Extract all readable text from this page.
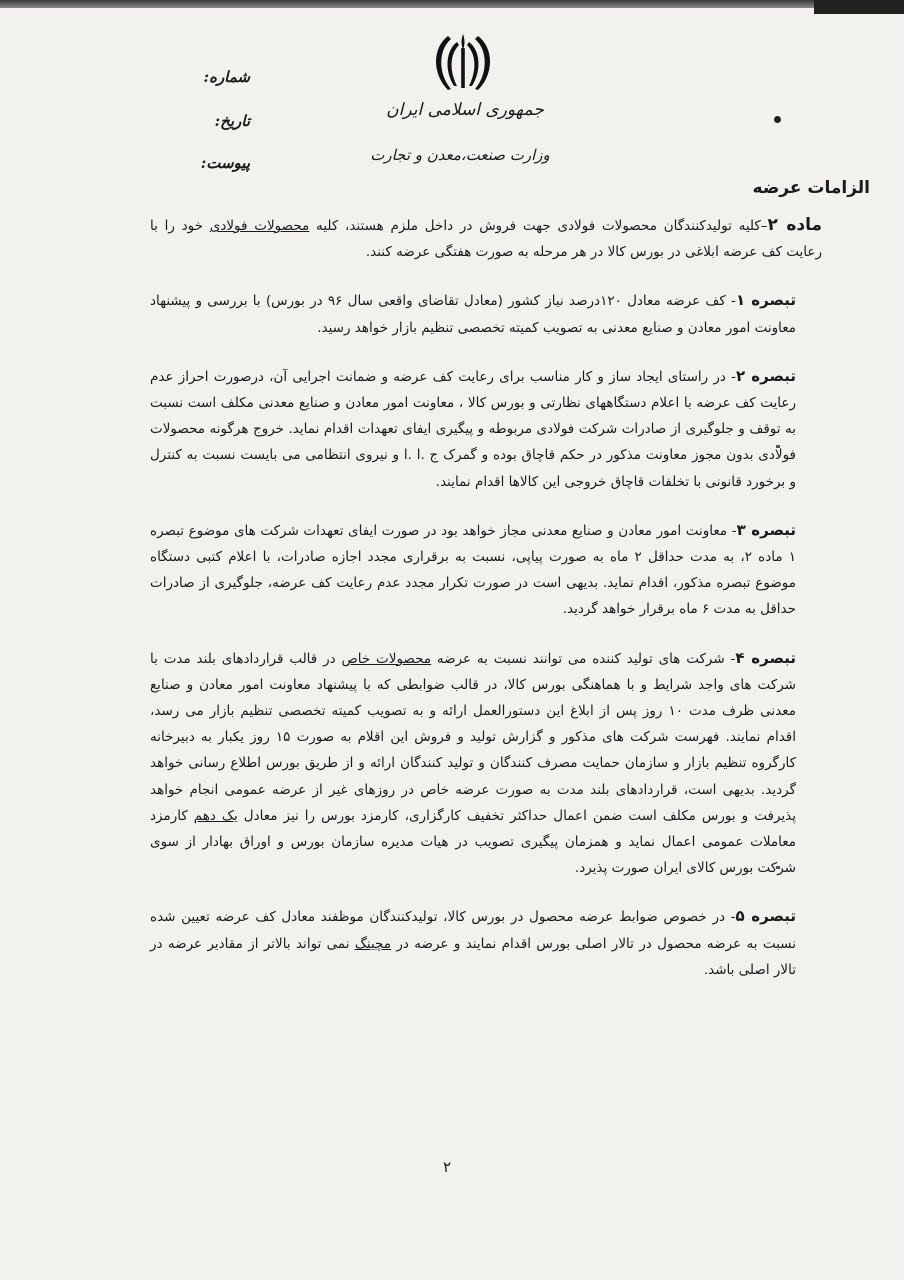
جمهوری اسلامی ایران
وزارت صنعت،معدن و تجارت
شماره:
تاریخ:
پیوست:
الزامات عرضه

ماده ۲–کلیه تولیدکنندگان محصولات فولادی جهت فروش در داخل ملزم هستند، کلیه محصولات فولادی خود را با رعایت کف عرضه ابلاغی در بورس کالا در هر مرحله به صورت هفتگی عرضه کنند.

تبصره ۱- کف عرضه معادل ۱۲۰درصد نیاز کشور (معادل تقاضای واقعی سال ۹۶ در بورس) با بررسی و پیشنهاد معاونت امور معادن و صنایع معدنی به تصویب کمیته تخصصی تنظیم بازار خواهد رسید.

تبصره ۲- در راستای ایجاد ساز و کار مناسب برای رعایت کف عرضه و ضمانت اجرایی آن، درصورت احراز عدم رعایت کف عرضه با اعلام دستگاههای نظارتی و بورس کالا ، معاونت امور معادن و صنایع معدنی مکلف است نسبت به توقف و جلوگیری از صادرات شرکت فولادی مربوطه و پیگیری ایفای تعهدات اقدام نماید. خروج هرگونه محصولات فولادی بدون مجوز معاونت مذکور در حکم قاچاق بوده و گمرک ج .ا .ا و نیروی انتظامی می بایست نسبت به کنترل و برخورد قانونی با تخلفات قاچاق خروجی این کالاها اقدام نمایند.

تبصره ۳- معاونت امور معادن و صنایع معدنی مجاز خواهد بود در صورت ایفای تعهدات شرکت های موضوع تبصره ۱ ماده ۲، به مدت حداقل ۲ ماه به صورت پیاپی، نسبت به برقراری مجدد اجازه صادرات، با اعلام کتبی دستگاه موضوع تبصره مذکور، اقدام نماید. بدیهی است در صورت تکرار مجدد عدم رعایت کف عرضه، جلوگیری از صادرات حداقل به مدت ۶ ماه برقرار خواهد گردید.

تبصره ۴- شرکت های تولید کننده می توانند نسبت به عرضه محصولات خاص در قالب قراردادهای بلند مدت با شرکت های واجد شرایط و با هماهنگی بورس کالا، در قالب ضوابطی که با پیشنهاد معاونت امور معادن و صنایع معدنی ظرف مدت ۱۰ روز پس از ابلاغ این دستورالعمل ارائه و به تصویب کمیته تخصصی تنظیم بازار می رسد، اقدام نمایند. فهرست شرکت های مذکور و گزارش تولید و فروش این اقلام به صورت ۱۵ روز یکبار به دبیرخانه کارگروه تنظیم بازار و سازمان حمایت مصرف کنندگان و تولید کنندگان ارائه و از طریق بورس اطلاع رسانی خواهد گردید. بدیهی است، قراردادهای بلند مدت به صورت عرضه خاص در روزهای غیر از عرضه عمومی انجام خواهد پذیرفت و بورس مکلف است ضمن اعمال حداکثر تخفیف کارگزاری، کارمزد بورس را نیز معادل یک دهم کارمزد معاملات عمومی اعمال نماید و همزمان پیگیری تصویب در هیات مدیره سازمان بورس و اوراق بهادار از سوی شرکت بورس کالای ایران صورت پذیرد.

تبصره ۵- در خصوص ضوابط عرضه محصول در بورس کالا، تولیدکنندگان موظفند معادل کف عرضه تعیین شده نسبت به عرضه محصول در تالار اصلی بورس اقدام نمایند و عرضه در مچینگ نمی تواند بالاتر از مقادیر عرضه در تالار اصلی باشد.

۲
